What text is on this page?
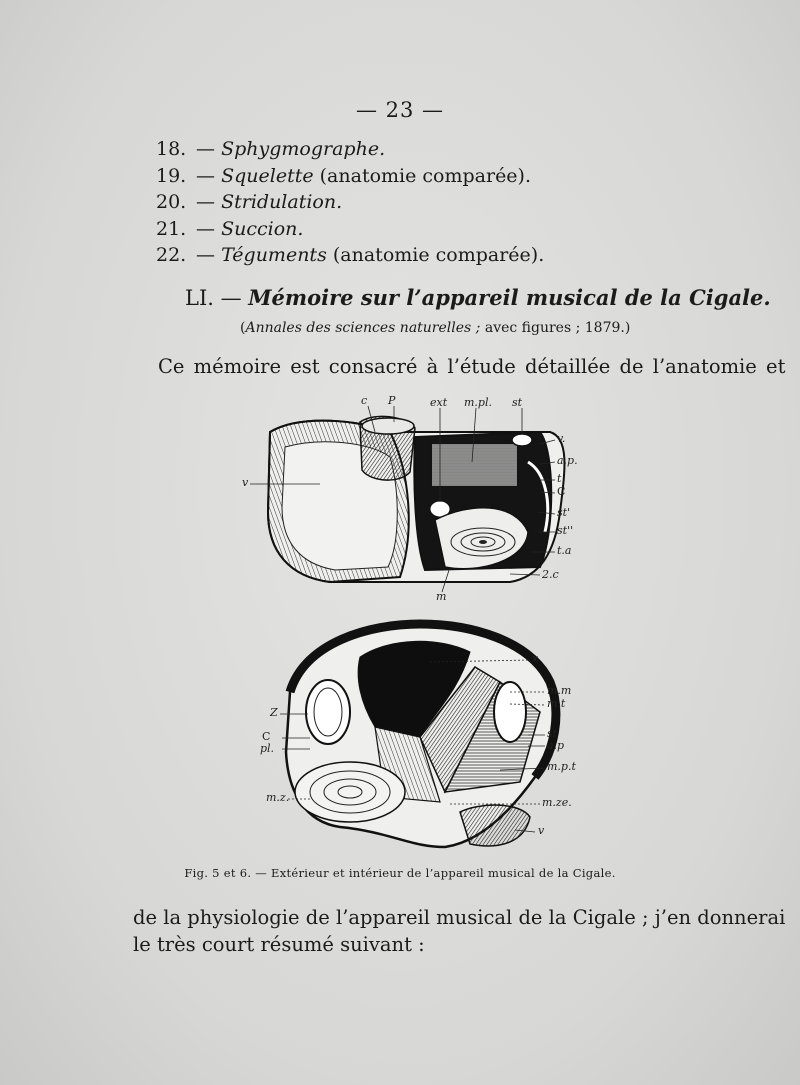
— 23 —
18. — Sphygmographe.
19. — Squelette (anatomie comparée).
20. — Stridulation.
21. — Succion.
22. — Téguments (anatomie comparée).
LI. — Mémoire sur l’appareil musical de la Cigale.
(Annales des sciences naturelles ; avec figures ; 1879.)
Ce mémoire est consacré à l’étude détaillée de l’anatomie et
c P	ext m.pl. st
v
v.
a.p.
t.
C
st'
st''
t.a
2.c
m
x
m.m
m.t
Z
C
pl.
st
a.p
m.p.t
m.z.	m.ze.
v
Fig. 5 et 6. — Extérieur et intérieur de l’appareil musical de la Cigale.
de la physiologie de l’appareil musical de la Cigale ; j’en donnerai
le très court résumé suivant :
